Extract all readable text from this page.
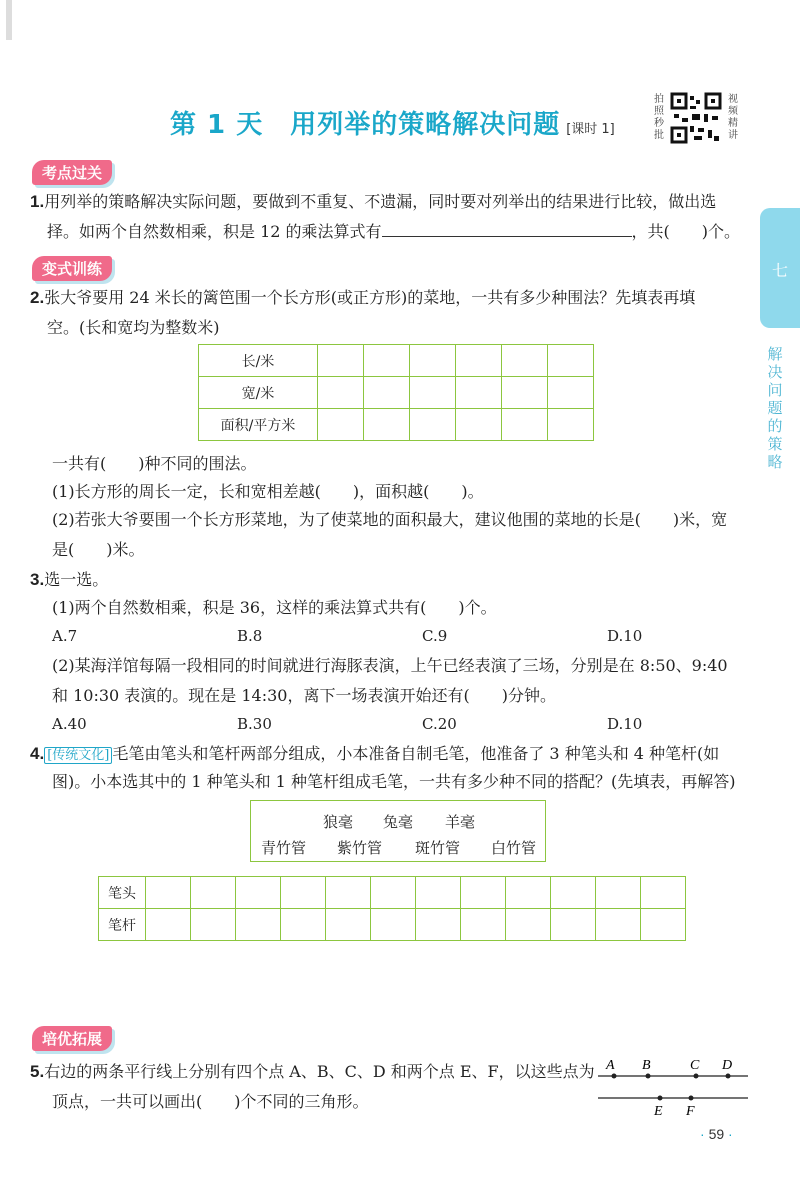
第 1 天　用列举的策略解决问题 [课时 1]
拍照秒批
视频精讲
七
解决问题的策略
考点过关
1.用列举的策略解决实际问题，要做到不重复、不遗漏，同时要对列举出的结果进行比较，做出选
择。如两个自然数相乘，积是 12 的乘法算式有	，共(　　)个。
变式训练
2.张大爷要用 24 米长的篱笆围一个长方形(或正方形)的菜地，一共有多少种围法？先填表再填
空。(长和宽均为整数米)
长/米						
宽/米						
面积/平方米						
一共有(　　)种不同的围法。
(1)长方形的周长一定，长和宽相差越(　　)，面积越(　　)。
(2)若张大爷要围一个长方形菜地，为了使菜地的面积最大，建议他围的菜地的长是(　　)米，宽
是(　　)米。
3.选一选。
(1)两个自然数相乘，积是 36，这样的乘法算式共有(　　)个。
A.7	B.8	C.9	D.10
(2)某海洋馆每隔一段相同的时间就进行海豚表演，上午已经表演了三场，分别是在 8:50、9:40
和 10:30 表演的。现在是 14:30，离下一场表演开始还有(　　)分钟。
A.40	B.30	C.20	D.10
4. [传统文化] 毛笔由笔头和笔杆两部分组成，小本准备自制毛笔，他准备了 3 种笔头和 4 种笔杆(如
图)。小本选其中的 1 种笔头和 1 种笔杆组成毛笔，一共有多少种不同的搭配？(先填表，再解答)
狼毫 兔毫 羊毫
青竹管 紫竹管 斑竹管 白竹管
笔头												
笔杆												
培优拓展
5.右边的两条平行线上分别有四个点 A、B、C、D 和两个点 E、F，以这些点为
顶点，一共可以画出(　　)个不同的三角形。
A B	C D
E F
· 59 ·
